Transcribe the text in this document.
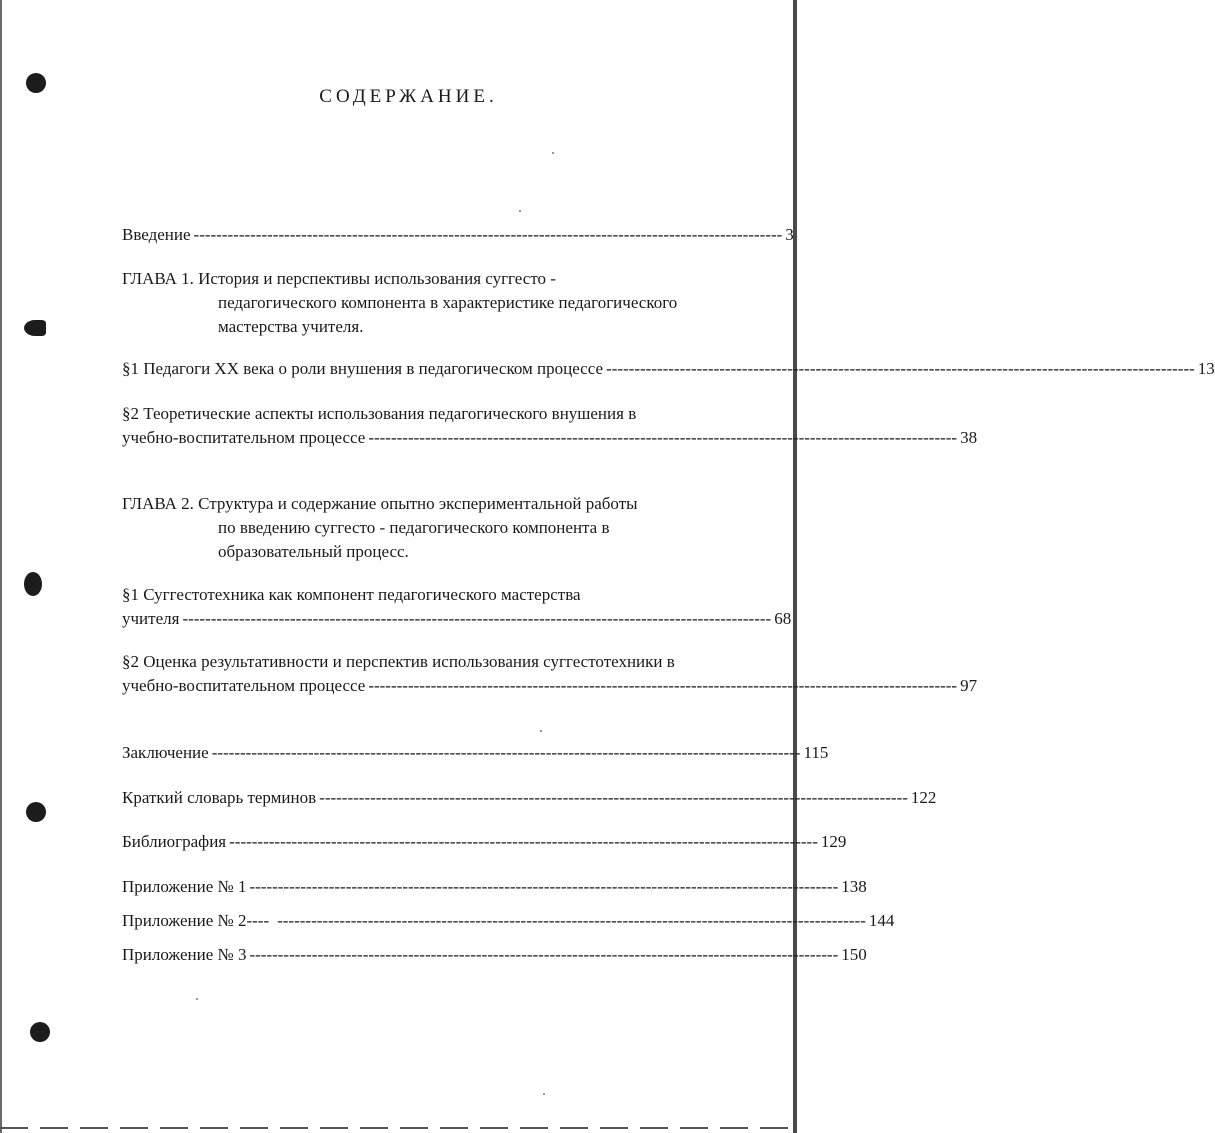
СОДЕРЖАНИЕ.
Введение -------------------------------------------------------------------------------------------------------- 3
ГЛАВА 1. История и перспективы использования суггесто -
педагогического компонента в характеристике педагогического
мастерства учителя.
§1 Педагоги XX века о роли внушения в педагогическом процессе -------------------------------------------------------------------------------------------------------- 13
§2 Теоретические аспекты использования педагогического внушения в
учебно-воспитательном процессе -------------------------------------------------------------------------------------------------------- 38
ГЛАВА 2. Структура и содержание опытно экспериментальной работы
по введению суггесто - педагогического компонента в
образовательный процесс.
§1 Суггестотехника как компонент педагогического мастерства
учителя -------------------------------------------------------------------------------------------------------- 68
§2 Оценка результативности и перспектив использования суггестотехники в
учебно-воспитательном процессе -------------------------------------------------------------------------------------------------------- 97
Заключение -------------------------------------------------------------------------------------------------------- 115
Краткий словарь терминов -------------------------------------------------------------------------------------------------------- 122
Библиография -------------------------------------------------------------------------------------------------------- 129
Приложение № 1 -------------------------------------------------------------------------------------------------------- 138
Приложение № 2---- -------------------------------------------------------------------------------------------------------- 144
Приложение № 3 -------------------------------------------------------------------------------------------------------- 150
